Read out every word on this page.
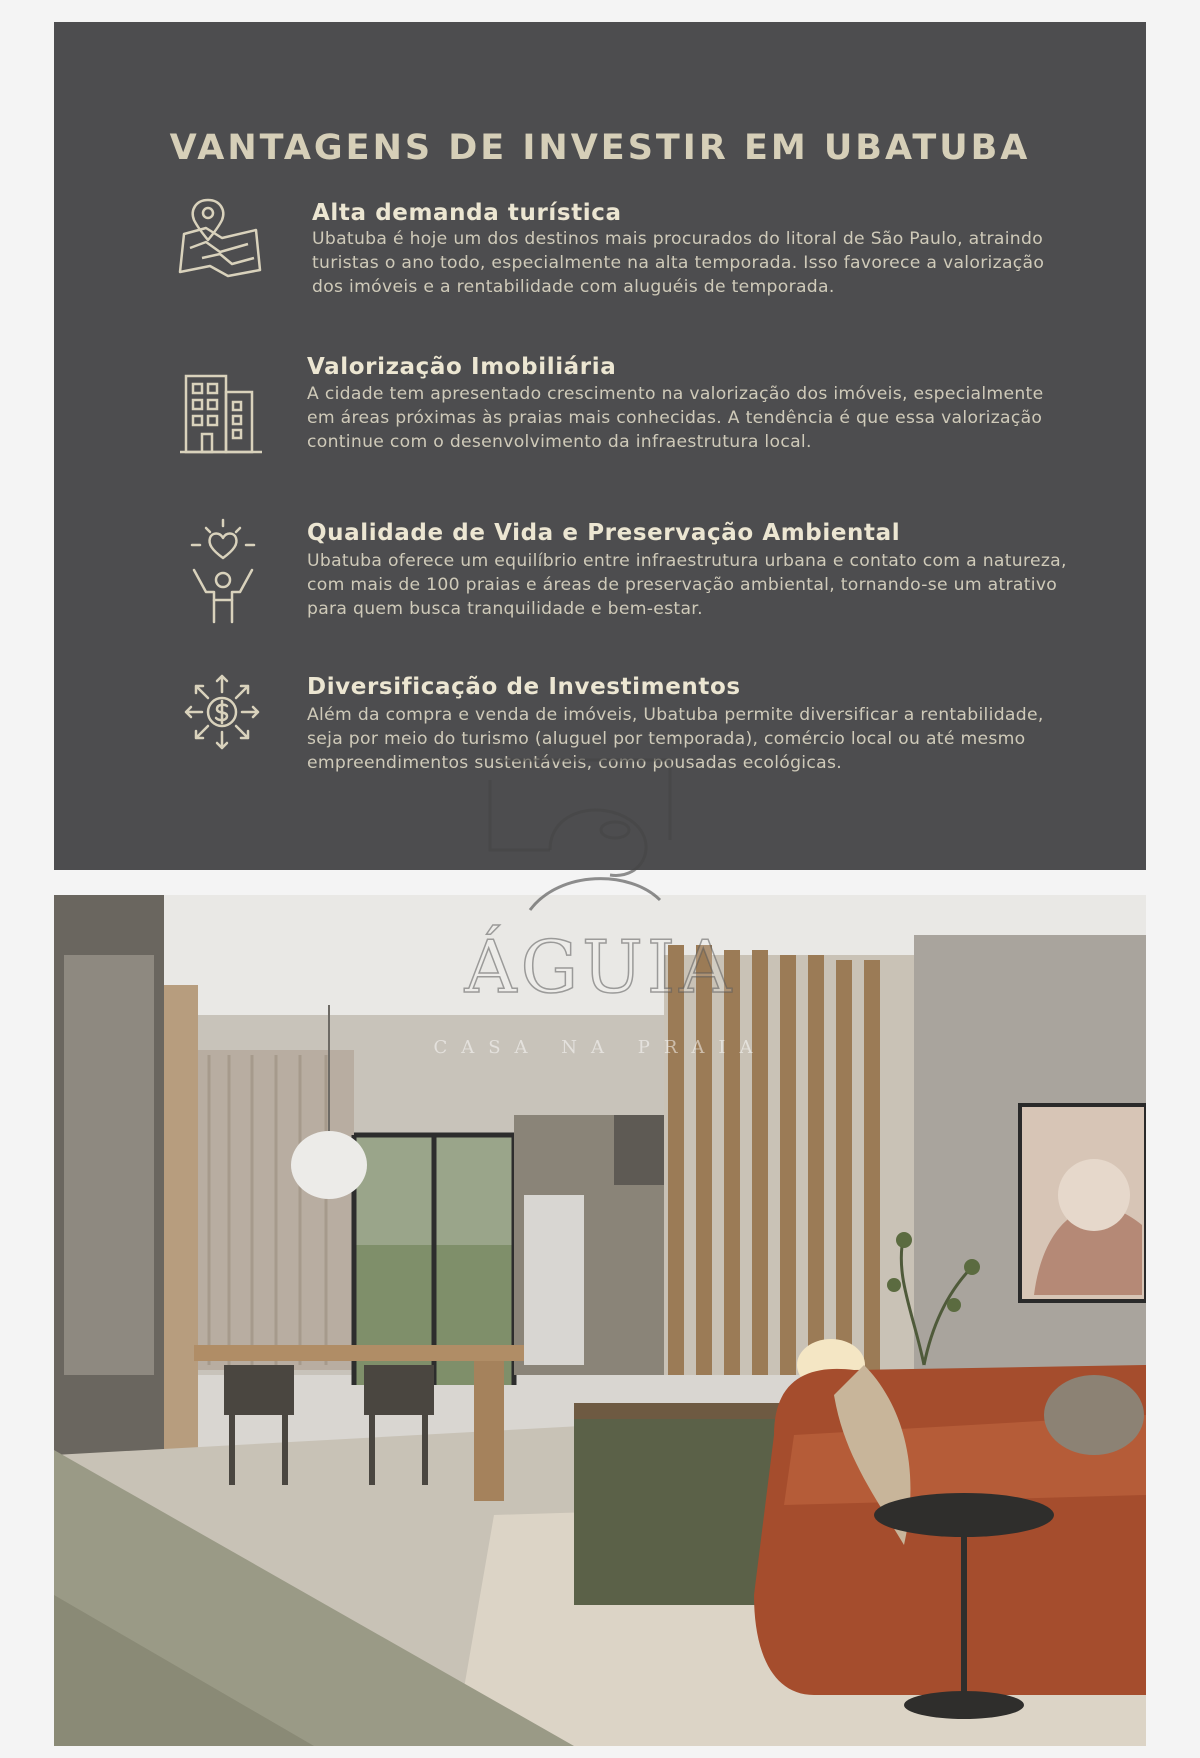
VANTAGENS DE INVESTIR EM UBATUBA
Alta demanda turística
Ubatuba é hoje um dos destinos mais procurados do litoral de São Paulo, atraindo turistas o ano todo, especialmente na alta temporada. Isso favorece a valorização dos imóveis e a rentabilidade com aluguéis de temporada.
Valorização Imobiliária
A cidade tem apresentado crescimento na valorização dos imóveis, especialmente em áreas próximas às praias mais conhecidas. A tendência é que essa valorização continue com o desenvolvimento da infraestrutura local.
Qualidade de Vida e Preservação Ambiental
Ubatuba oferece um equilíbrio entre infraestrutura urbana e contato com a natureza, com mais de 100 praias e áreas de preservação ambiental, tornando-se um atrativo para quem busca tranquilidade e bem-estar.
Diversificação de Investimentos
Além da compra e venda de imóveis, Ubatuba permite diversificar a rentabilidade, seja por meio do turismo (aluguel por temporada), comércio local ou até mesmo empreendimentos sustentáveis, como pousadas ecológicas.
CASA NA PRAIA
